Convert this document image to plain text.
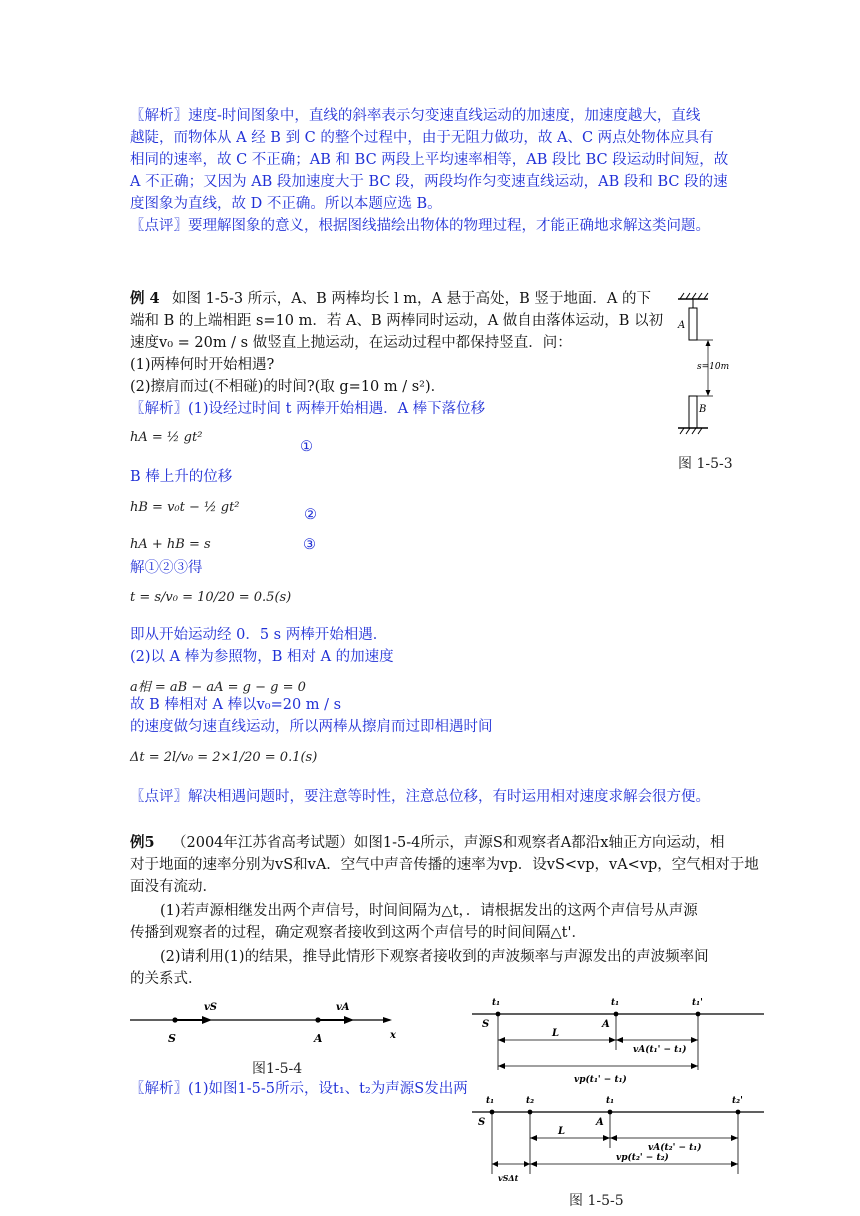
〖解析〗速度-时间图象中，直线的斜率表示匀变速直线运动的加速度，加速度越大，直线
越陡，而物体从 A 经 B 到 C 的整个过程中，由于无阻力做功，故 A、C 两点处物体应具有
相同的速率，故 C 不正确；AB 和 BC 两段上平均速率相等，AB 段比 BC 段运动时间短，故
A 不正确；又因为 AB 段加速度大于 BC 段，两段均作匀变速直线运动，AB 段和 BC 段的速
度图象为直线，故 D 不正确。所以本题应选 B。
〖点评〗要理解图象的意义，根据图线描绘出物体的物理过程，才能正确地求解这类问题。
例 4 如图 1-5-3 所示，A、B 两棒均长 l m，A 悬于高处，B 竖于地面．A 的下
端和 B 的上端相距 s=10 m．若 A、B 两棒同时运动，A 做自由落体运动，B 以初
速度v₀ = 20m / s 做竖直上抛运动，在运动过程中都保持竖直．问：
(1)两棒何时开始相遇?
(2)擦肩而过(不相碰)的时间?(取 g=10 m / s²)．
〖解析〗(1)设经过时间 t 两棒开始相遇．A 棒下落位移
hA = ½ gt²
①
B 棒上升的位移
hB = v₀t − ½ gt²	②
hA + hB = s	③
解①②③得
t = s/v₀ = 10/20 = 0.5(s)
即从开始运动经 0．5 s 两棒开始相遇．
(2)以 A 棒为参照物，B 相对 A 的加速度
a相 = aB − aA = g − g = 0
故 B 棒相对 A 棒以v₀=20 m / s
的速度做匀速直线运动，所以两棒从擦肩而过即相遇时间
Δt = 2l/v₀ = 2×1/20 = 0.1(s)
〖点评〗解决相遇问题时，要注意等时性，注意总位移，有时运用相对速度求解会很方便。
A
s=10m
B
图 1-5-3
例5 （2004年江苏省高考试题）如图1-5-4所示，声源S和观察者A都沿x轴正方向运动，相
对于地面的速率分别为vS和vA．空气中声音传播的速率为vp．设vS<vp，vA<vp，空气相对于地
面没有流动．
(1)若声源相继发出两个声信号，时间间隔为△t，．请根据发出的这两个声信号从声源
传播到观察者的过程，确定观察者接收到这两个声信号的时间间隔△t'．
(2)请利用(1)的结果，推导此情形下观察者接收到的声波频率与声源发出的声波频率间
的关系式．
vS	vA
S	A	x
图1-5-4
〖解析〗(1)如图1-5-5所示，设t₁、t₂为声源S发出两
t₁	t₁	t₁'
S	A
L
vA(t₁' − t₁)
vp(t₁' − t₁)
t₁	t₂	t₁	t₂'
S	A
L
vA(t₂' − t₁)
vSΔt
vp(t₂' − t₂)
图 1-5-5
